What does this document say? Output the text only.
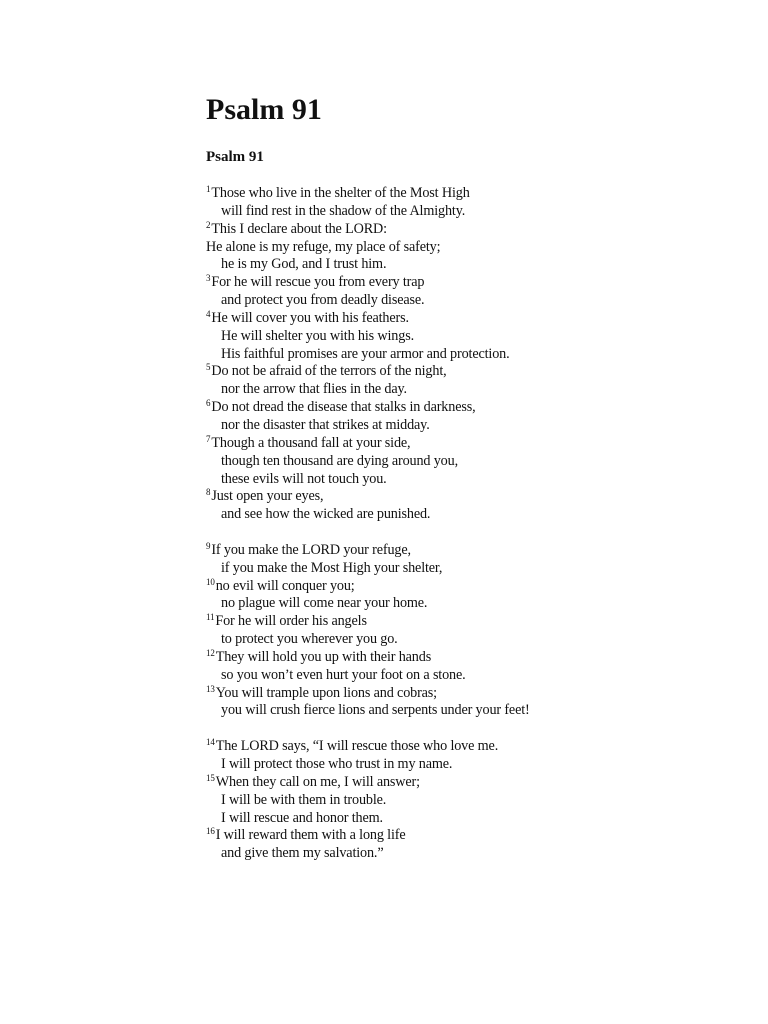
Psalm 91
Psalm 91
$^1$Those who live in the shelter of the Most High
will find rest in the shadow of the Almighty.
$^2$This I declare about the LORD:
He alone is my refuge, my place of safety;
he is my God, and I trust him.
$^3$For he will rescue you from every trap
and protect you from deadly disease.
$^4$He will cover you with his feathers.
He will shelter you with his wings.
His faithful promises are your armor and protection.
$^5$Do not be afraid of the terrors of the night,
nor the arrow that flies in the day.
$^6$Do not dread the disease that stalks in darkness,
nor the disaster that strikes at midday.
$^7$Though a thousand fall at your side,
though ten thousand are dying around you,
these evils will not touch you.
$^8$Just open your eyes,
and see how the wicked are punished.
$^9$If you make the LORD your refuge,
if you make the Most High your shelter,
$^{10}$no evil will conquer you;
no plague will come near your home.
$^{11}$For he will order his angels
to protect you wherever you go.
$^{12}$They will hold you up with their hands
so you won’t even hurt your foot on a stone.
$^{13}$You will trample upon lions and cobras;
you will crush fierce lions and serpents under your feet!
$^{14}$The LORD says, “I will rescue those who love me.
I will protect those who trust in my name.
$^{15}$When they call on me, I will answer;
I will be with them in trouble.
I will rescue and honor them.
$^{16}$I will reward them with a long life
and give them my salvation.”
